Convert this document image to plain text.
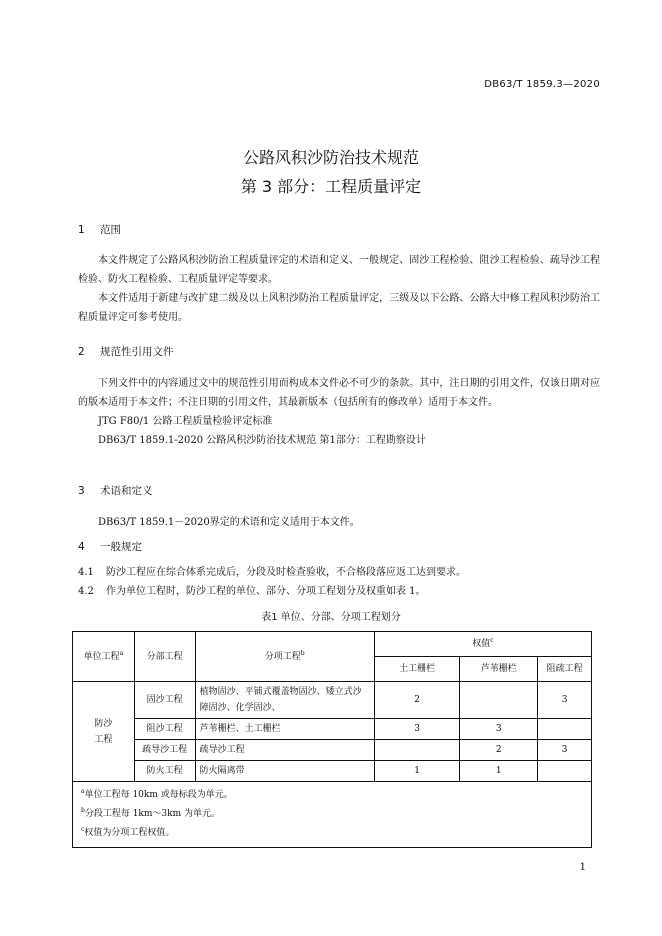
DB63/T 1859.3—2020
公路风积沙防治技术规范
第 3 部分：工程质量评定
1 范围
本文件规定了公路风积沙防治工程质量评定的术语和定义、一般规定、固沙工程检验、阻沙工程检验、疏导沙工程检验、防火工程检验、工程质量评定等要求。
本文件适用于新建与改扩建二级及以上风积沙防治工程质量评定，三级及以下公路、公路大中修工程风积沙防治工程质量评定可参考使用。
2 规范性引用文件
下列文件中的内容通过文中的规范性引用而构成本文件必不可少的条款。其中，注日期的引用文件，仅该日期对应的版本适用于本文件；不注日期的引用文件，其最新版本（包括所有的修改单）适用于本文件。
JTG F80/1 公路工程质量检验评定标准
DB63/T 1859.1-2020 公路风积沙防治技术规范 第1部分：工程勘察设计
3 术语和定义
DB63/T 1859.1－2020界定的术语和定义适用于本文件。
4 一般规定
4.1 防沙工程应在综合体系完成后，分段及时检查验收，不合格段落应返工达到要求。
4.2 作为单位工程时，防沙工程的单位、部分、分项工程划分及权重如表 1。
表1 单位、分部、分项工程划分
单位工程$^a$	分部工程	分项工程$^b$	权值$^c$
			土工栅栏	芦苇栅栏	阻疏工程
防沙
工程	固沙工程	植物固沙、平铺式覆盖物固沙、矮立式沙障固沙、化学固沙、	2		3
	阻沙工程	芦苇栅栏、土工栅栏	3	3	
	疏导沙工程	疏导沙工程		2	3
	防火工程	防火隔离带	1	1	

$^a$单位工程每 10km 或每标段为单元。
$^b$分段工程每 1km～3km 为单元。
$^c$权值为分项工程权值。					
1
